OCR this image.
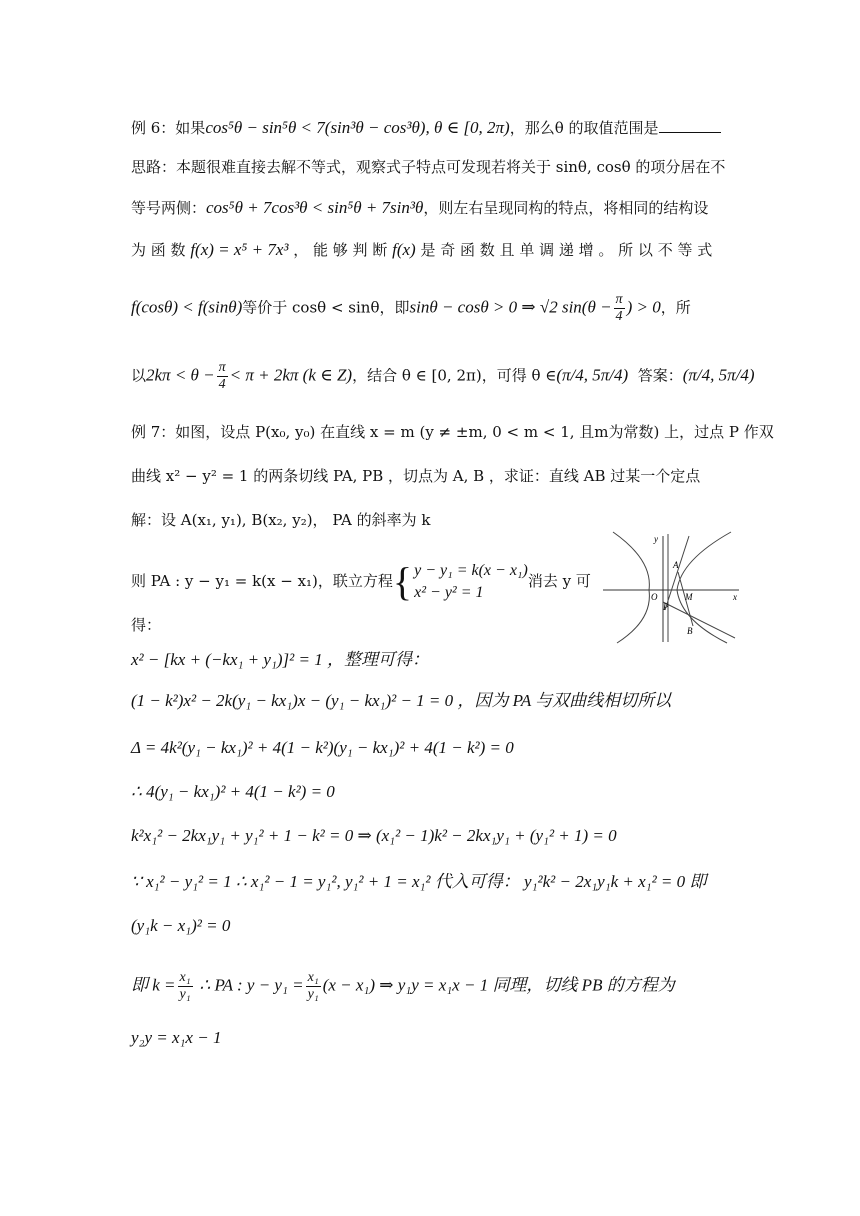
例 6：如果cos⁵θ − sin⁵θ < 7(sin³θ − cos³θ), θ ∈ [0, 2π)，那么θ 的取值范围是
思路：本题很难直接去解不等式，观察式子特点可发现若将关于 sinθ, cosθ 的项分居在不
等号两侧：cos⁵θ + 7cos³θ < sin⁵θ + 7sin³θ，则左右呈现同构的特点，将相同的结构设
为 函 数 f(x) = x⁵ + 7x³ ， 能 够 判 断 f(x) 是 奇 函 数 且 单 调 递 增 。 所 以 不 等 式
f(cosθ) < f(sinθ)等价于 cosθ < sinθ，即sinθ − cosθ > 0 ⇒ √2 $\sin(\theta - \frac{\pi}{4}$ ) > 0，所
以$2k\pi < \theta - \frac{\pi}{4} < \pi + 2k\pi$ (k ∈ Z)，结合 θ ∈ [0, 2π)，可得 θ ∈(π/4, 5π/4) 答案：(π/4, 5π/4)
例 7：如图，设点 P(x₀, y₀) 在直线 x = m (y ≠ ±m, 0 < m < 1, 且m为常数) 上，过点 P 作双
曲线 x² − y² = 1 的两条切线 PA, PB ，切点为 A, B ，求证：直线 AB 过某一个定点
解：设 A(x₁, y₁), B(x₂, y₂)， PA 的斜率为 k
则 PA : y − y₁ = k(x − x₁)，联立方程{ y − y₁ = k(x − x₁)
x² − y² = 1
消去 y 可
得：
x² − [kx + (−kx₁ + y₁)]² = 1 ，整理可得：
(1 − k²)x² − 2k(y₁ − kx₁)x − (y₁ − kx₁)² − 1 = 0 ，因为 PA 与双曲线相切所以
Δ = 4k²(y₁ − kx₁)² + 4(1 − k²)(y₁ − kx₁)² + 4(1 − k²) = 0
∴ 4(y₁ − kx₁)² + 4(1 − k²) = 0
k²x₁² − 2kx₁y₁ + y₁² + 1 − k² = 0 ⇒ (x₁² − 1)k² − 2kx₁y₁ + (y₁² + 1) = 0
∵ x₁² − y₁² = 1 ∴ x₁² − 1 = y₁², y₁² + 1 = x₁² 代入可得： y₁²k² − 2x₁y₁k + x₁² = 0 即
(y₁k − x₁)² = 0
即 $k = \frac{\text{x₁}}{\text{y₁}}$ ∴ PA : $y - y_1 = \frac{\text{x₁}}{\text{y₁}} (x - x_1)$ ⇒ y₁y = x₁x − 1 同理，切线 PB 的方程为
y₂y = x₁x − 1
y
x
O
A
M
P
B
